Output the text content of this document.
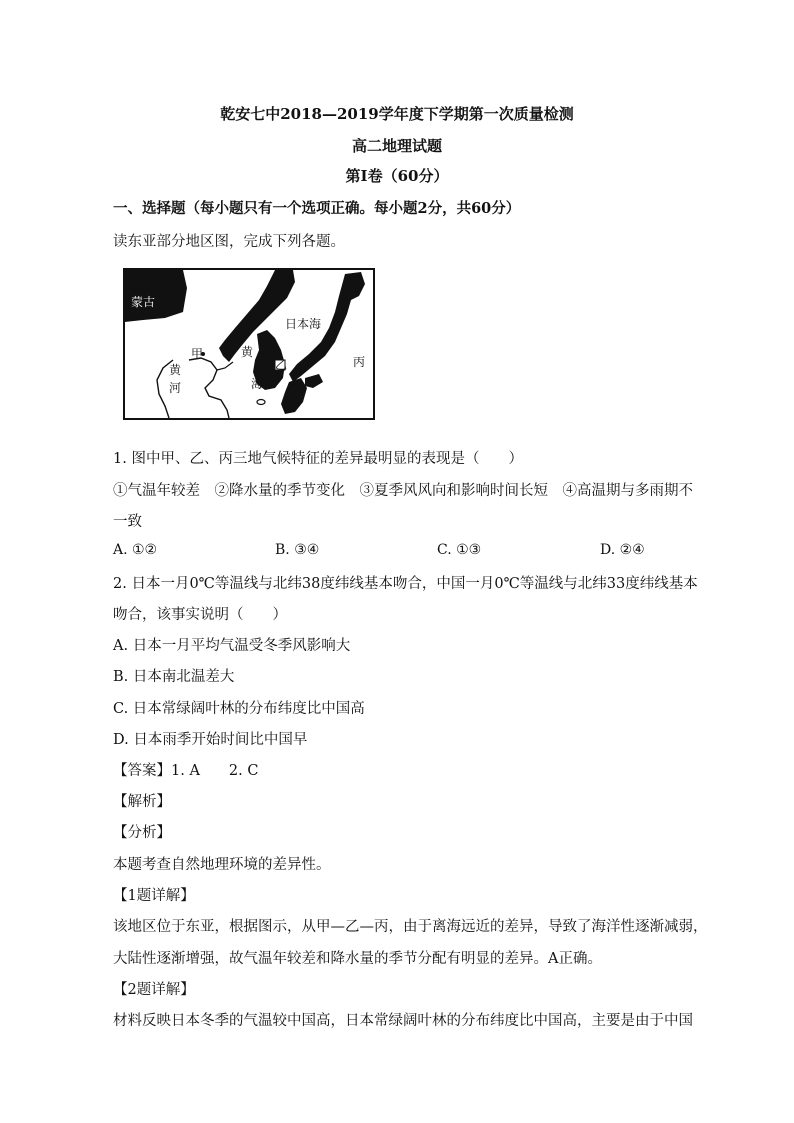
乾安七中2018—2019学年度下学期第一次质量检测
高二地理试题
第Ⅰ卷（60分）
一、选择题（每小题只有一个选项正确。每小题2分，共60分）
读东亚部分地区图，完成下列各题。
蒙古
日本海
甲	黄
海
黄
河
乙	丙
1. 图中甲、乙、丙三地气候特征的差异最明显的表现是（　　）
①气温年较差　②降水量的季节变化　③夏季风风向和影响时间长短　④高温期与多雨期不
一致
A. ①②	B. ③④	C. ①③	D. ②④
2. 日本一月0℃等温线与北纬38度纬线基本吻合，中国一月0℃等温线与北纬33度纬线基本
吻合，该事实说明（　　）
A. 日本一月平均气温受冬季风影响大
B. 日本南北温差大
C. 日本常绿阔叶林的分布纬度比中国高
D. 日本雨季开始时间比中国早
【答案】1. A　　2. C
【解析】
【分析】
本题考查自然地理环境的差异性。
【1题详解】
该地区位于东亚，根据图示，从甲—乙—丙，由于离海远近的差异，导致了海洋性逐渐减弱，
大陆性逐渐增强，故气温年较差和降水量的季节分配有明显的差异。A正确。
【2题详解】
材料反映日本冬季的气温较中国高，日本常绿阔叶林的分布纬度比中国高，主要是由于中国
